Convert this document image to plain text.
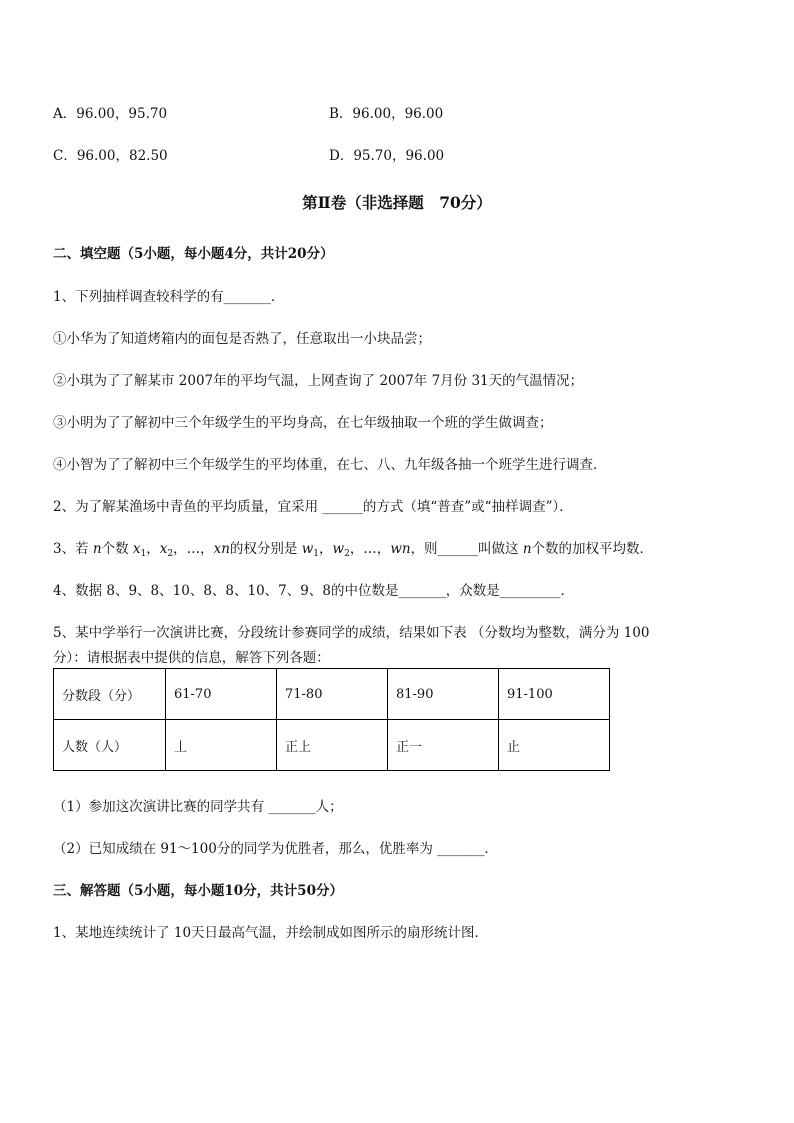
A．96.00，95.70	B．96.00，96.00
C．96.00，82.50	D．95.70，96.00
第Ⅱ卷（非选择题　70分）
二、填空题（5小题，每小题4分，共计20分）
1、下列抽样调查较科学的有_______．
①小华为了知道烤箱内的面包是否熟了，任意取出一小块品尝；
②小琪为了了解某市 2007年的平均气温，上网查询了 2007年 7月份 31天的气温情况；
③小明为了了解初中三个年级学生的平均身高，在七年级抽取一个班的学生做调查；
④小智为了了解初中三个年级学生的平均体重，在七、八、九年级各抽一个班学生进行调查．
2、为了解某渔场中青鱼的平均质量，宜采用 ______的方式（填“普查”或“抽样调查”）．
3、若 n个数 $x_1$，$x_2$，…，xn的权分别是 $w_1$，$w_2$，…，wn，则______叫做这 n个数的加权平均数．
4、数据 8、9、8、10、8、8、10、7、9、8的中位数是_______，众数是_________．
5、某中学举行一次演讲比赛，分段统计参赛同学的成绩，结果如下表 （分数均为整数，满分为 100
分）：请根据表中提供的信息，解答下列各题：
分数段（分）	61-70	71-80	81-90	91-100
人数（人）	丄	正上	正一	止
（1）参加这次演讲比赛的同学共有 _______人；
（2）已知成绩在 91～100分的同学为优胜者，那么，优胜率为 _______．
三、解答题（5小题，每小题10分，共计50分）
1、某地连续统计了 10天日最高气温，并绘制成如图所示的扇形统计图．
